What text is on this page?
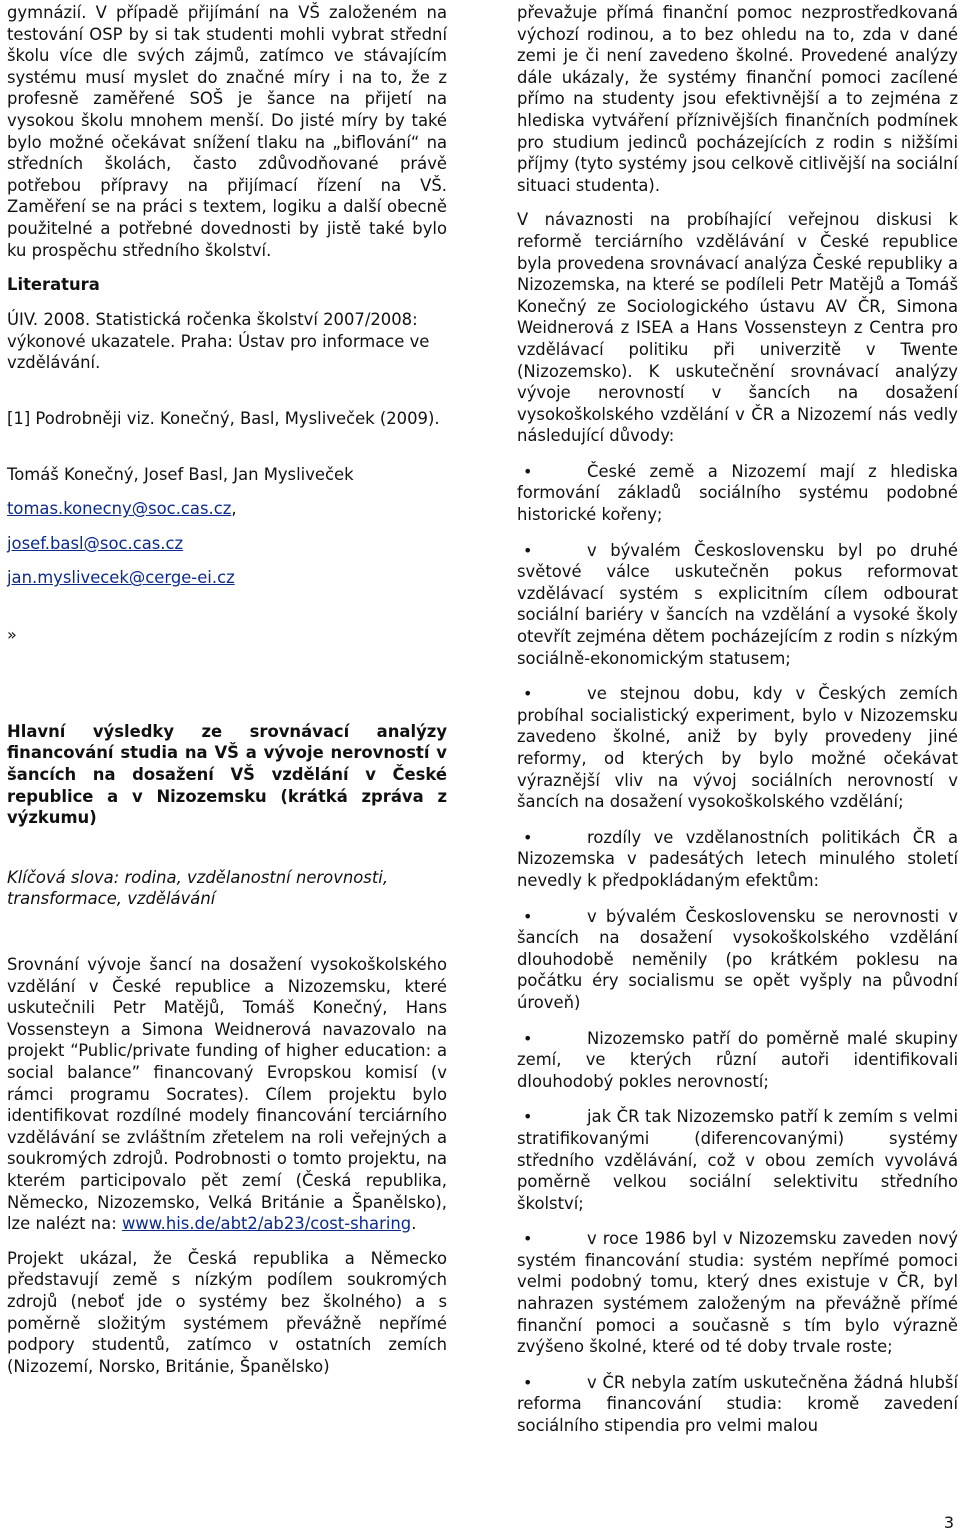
gymnázií. V případě přijímání na VŠ založeném na testování OSP by si tak studenti mohli vybrat střední školu více dle svých zájmů, zatímco ve stávajícím systému musí myslet do značné míry i na to, že z profesně zaměřené SOŠ je šance na přijetí na vysokou školu mnohem menší. Do jisté míry by také bylo možné očekávat snížení tlaku na „biflování“ na středních školách, často zdůvodňované právě potřebou přípravy na přijímací řízení na VŠ. Zaměření se na práci s textem, logiku a další obecně použitelné a potřebné dovednosti by jistě také bylo ku prospěchu středního školství.

Literatura

ÚIV. 2008. Statistická ročenka školství 2007/2008: výkonové ukazatele. Praha: Ústav pro informace ve vzdělávání.

[1] Podrobněji viz. Konečný, Basl, Mysliveček (2009).

Tomáš Konečný, Josef Basl, Jan Mysliveček

tomas.konecny@soc.cas.cz,

josef.basl@soc.cas.cz

jan.myslivecek@cerge-ei.cz

»

Hlavní výsledky ze srovnávací analýzy financování studia na VŠ a vývoje nerovností v šancích na dosažení VŠ vzdělání v České republice a v Nizozemsku (krátká zpráva z výzkumu)

Klíčová slova: rodina, vzdělanostní nerovnosti, transformace, vzdělávání

Srovnání vývoje šancí na dosažení vysokoškolského vzdělání v České republice a Nizozemsku, které uskutečnili Petr Matějů, Tomáš Konečný, Hans Vossensteyn a Simona Weidnerová navazovalo na projekt “Public/private funding of higher education: a social balance” financovaný Evropskou komisí (v rámci programu Socrates). Cílem projektu bylo identifikovat rozdílné modely financování terciárního vzdělávání se zvláštním zřetelem na roli veřejných a soukromých zdrojů. Podrobnosti o tomto projektu, na kterém participovalo pět zemí (Česká republika, Německo, Nizozemsko, Velká Británie a Španělsko), lze nalézt na: www.his.de/abt2/ab23/cost-sharing.

Projekt ukázal, že Česká republika a Německo představují země s nízkým podílem soukromých zdrojů (neboť jde o systémy bez školného) a s poměrně složitým systémem převážně nepřímé podpory studentů, zatímco v ostatních zemích (Nizozemí, Norsko, Británie, Španělsko)

převažuje přímá finanční pomoc nezprostředkovaná výchozí rodinou, a to bez ohledu na to, zda v dané zemi je či není zavedeno školné. Provedené analýzy dále ukázaly, že systémy finanční pomoci zacílené přímo na studenty jsou efektivnější a to zejména z hlediska vytváření příznivějších finančních podmínek pro studium jedinců pocházejících z rodin s nižšími příjmy (tyto systémy jsou celkově citlivější na sociální situaci studenta).

V návaznosti na probíhající veřejnou diskusi k reformě terciárního vzdělávání v České republice byla provedena srovnávací analýza České republiky a Nizozemska, na které se podíleli Petr Matějů a Tomáš Konečný ze Sociologického ústavu AV ČR, Simona Weidnerová z ISEA a Hans Vossensteyn z Centra pro vzdělávací politiku při univerzitě v Twente (Nizozemsko). K uskutečnění srovnávací analýzy vývoje nerovností v šancích na dosažení vysokoškolského vzdělání v ČR a Nizozemí nás vedly následující důvody:

•	České země a Nizozemí mají z hlediska formování základů sociálního systému podobné historické kořeny;
•	v bývalém Československu byl po druhé světové válce uskutečněn pokus reformovat vzdělávací systém s explicitním cílem odbourat sociální bariéry v šancích na vzdělání a vysoké školy otevřít zejména dětem pocházejícím z rodin s nízkým sociálně-ekonomickým statusem;
•	ve stejnou dobu, kdy v Českých zemích probíhal socialistický experiment, bylo v Nizozemsku zavedeno školné, aniž by byly provedeny jiné reformy, od kterých by bylo možné očekávat výraznější vliv na vývoj sociálních nerovností v šancích na dosažení vysokoškolského vzdělání;
•	rozdíly ve vzdělanostních politikách ČR a Nizozemska v padesátých letech minulého století nevedly k předpokládaným efektům:
•	v bývalém Československu se nerovnosti v šancích na dosažení vysokoškolského vzdělání dlouhodobě neměnily (po krátkém poklesu na počátku éry socialismu se opět vyšply na původní úroveň)
•	Nizozemsko patří do poměrně malé skupiny zemí, ve kterých různí autoři identifikovali dlouhodobý pokles nerovností;
•	jak ČR tak Nizozemsko patří k zemím s velmi stratifikovanými (diferencovanými) systémy středního vzdělávání, což v obou zemích vyvolává poměrně velkou sociální selektivitu středního školství;
•	v roce 1986 byl v Nizozemsku zaveden nový systém financování studia: systém nepřímé pomoci velmi podobný tomu, který dnes existuje v ČR, byl nahrazen systémem založeným na převážně přímé finanční pomoci a současně s tím bylo výrazně zvýšeno školné, které od té doby trvale roste;
•	v ČR nebyla zatím uskutečněna žádná hlubší reforma financování studia: kromě zavedení sociálního stipendia pro velmi malou
3
